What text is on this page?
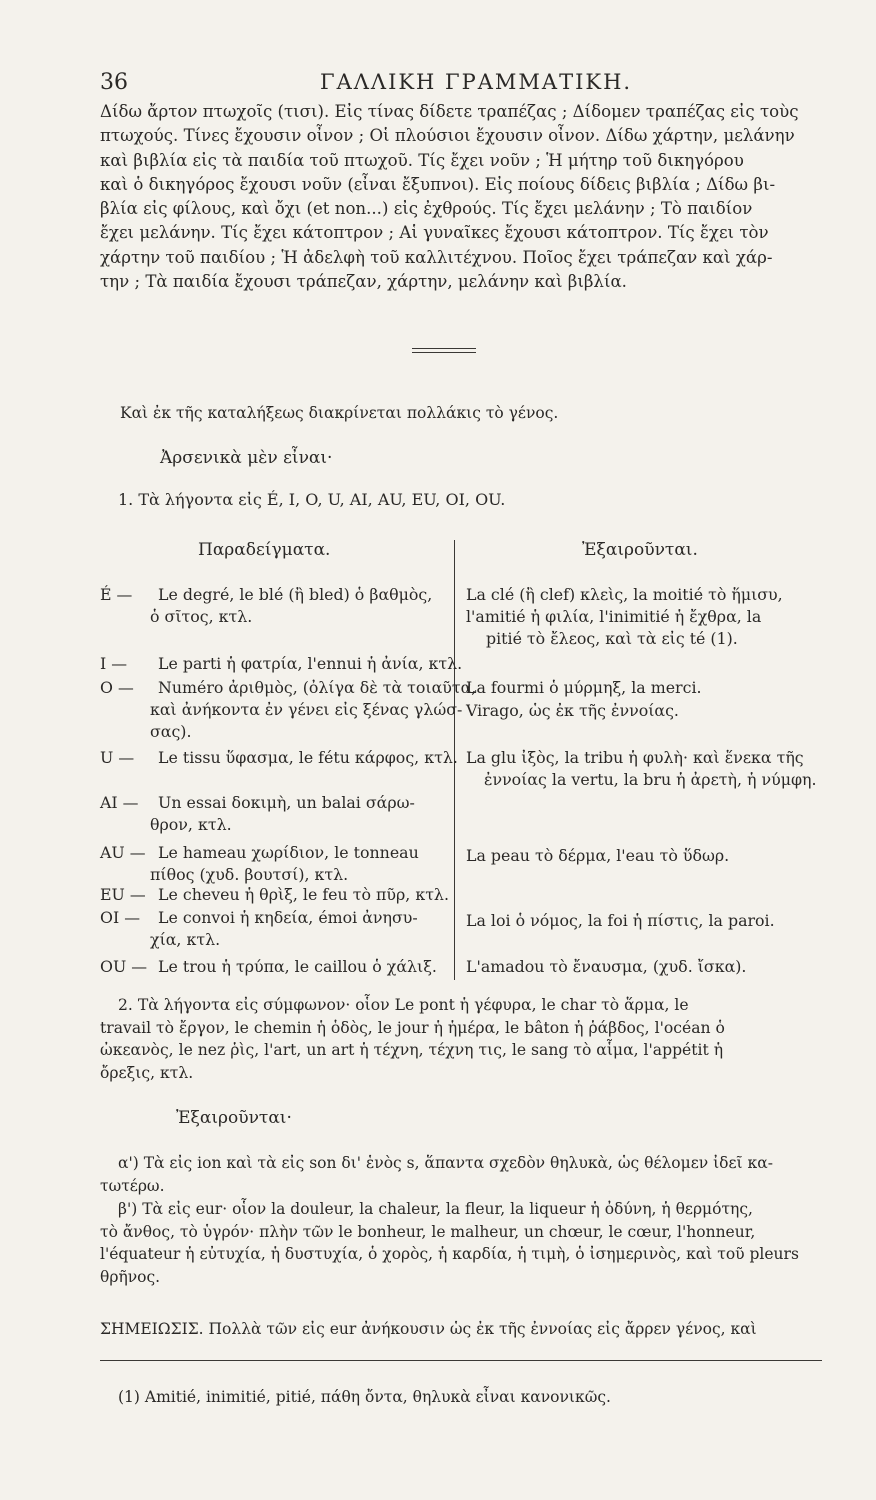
36	ΓΑΛΛΙΚΗ ΓΡΑΜΜΑΤΙΚΗ.
Δίδω ἄρτον πτωχοῖς (τισι). Εἰς τίνας δίδετε τραπέζας ; Δίδομεν τραπέζας εἰς τοὺς
πτωχούς. Τίνες ἔχουσιν οἶνον ; Οἱ πλούσιοι ἔχουσιν οἶνον. Δίδω χάρτην, μελάνην
καὶ βιβλία εἰς τὰ παιδία τοῦ πτωχοῦ. Τίς ἔχει νοῦν ; Ἡ μήτηρ τοῦ δικηγόρου
καὶ ὁ δικηγόρος ἔχουσι νοῦν (εἶναι ἔξυπνοι). Εἰς ποίους δίδεις βιβλία ; Δίδω βι-
βλία εἰς φίλους, καὶ ὄχι (et non...) εἰς ἐχθρούς. Τίς ἔχει μελάνην ; Τὸ παιδίον
ἔχει μελάνην. Τίς ἔχει κάτοπτρον ; Αἱ γυναῖκες ἔχουσι κάτοπτρον. Τίς ἔχει τὸν
χάρτην τοῦ παιδίου ; Ἡ ἀδελφὴ τοῦ καλλιτέχνου. Ποῖος ἔχει τράπεζαν καὶ χάρ-
την ; Τὰ παιδία ἔχουσι τράπεζαν, χάρτην, μελάνην καὶ βιβλία.
Καὶ ἐκ τῆς καταλήξεως διακρίνεται πολλάκις τὸ γένος.
Ἀρσενικὰ μὲν εἶναι·
1. Τὰ λήγοντα εἰς É, I, O, U, AI, AU, EU, OI, OU.
Παραδείγματα.	Ἐξαιροῦνται.
É — Le degré, le blé (ἢ bled) ὁ βαθμὸς,
ὁ σῖτος, κτλ.
I — Le parti ἡ φατρία, l'ennui ἡ ἀνία, κτλ.
O — Numéro ἀριθμὸς, (ὀλίγα δὲ τὰ τοιαῦτα,
καὶ ἀνήκοντα ἐν γένει εἰς ξένας γλώσ-
σας).
U — Le tissu ὕφασμα, le fétu κάρφος, κτλ.
AI — Un essai δοκιμὴ, un balai σάρω-
θρον, κτλ.
AU — Le hameau χωρίδιον, le tonneau
πίθος (χυδ. βουτσί), κτλ.
EU — Le cheveu ἡ θρὶξ, le feu τὸ πῦρ, κτλ.
OI — Le convoi ἡ κηδεία, émoi ἀνησυ-
χία, κτλ.
OU — Le trou ἡ τρύπα, le caillou ὁ χάλιξ.
La clé (ἢ clef) κλεὶς, la moitié τὸ ἥμισυ,
l'amitié ἡ φιλία, l'inimitié ἡ ἔχθρα, la
pitié τὸ ἔλεος, καὶ τὰ εἰς té (1).
La fourmi ὁ μύρμηξ, la merci.
Virago, ὡς ἐκ τῆς ἐννοίας.
La glu ἰξὸς, la tribu ἡ φυλὴ· καὶ ἕνεκα τῆς
ἐννοίας la vertu, la bru ἡ ἀρετὴ, ἡ νύμφη.
La peau τὸ δέρμα, l'eau τὸ ὕδωρ.
La loi ὁ νόμος, la foi ἡ πίστις, la paroi.
L'amadou τὸ ἔναυσμα, (χυδ. ἴσκα).
2. Τὰ λήγοντα εἰς σύμφωνον· οἷον Le pont ἡ γέφυρα, le char τὸ ἅρμα, le
travail τὸ ἔργον, le chemin ἡ ὁδὸς, le jour ἡ ἡμέρα, le bâton ἡ ῥάβδος, l'océan ὁ
ὠκεανὸς, le nez ῥὶς, l'art, un art ἡ τέχνη, τέχνη τις, le sang τὸ αἷμα, l'appétit ἡ
ὄρεξις, κτλ.
Ἐξαιροῦνται·
α') Τὰ εἰς ion καὶ τὰ εἰς son δι' ἑνὸς s, ἅπαντα σχεδὸν θηλυκὰ, ὡς θέλομεν ἰδεῖ κα-
τωτέρω.
β') Τὰ εἰς eur· οἷον la douleur, la chaleur, la fleur, la liqueur ἡ ὀδύνη, ἡ θερμότης,
τὸ ἄνθος, τὸ ὑγρόν· πλὴν τῶν le bonheur, le malheur, un chœur, le cœur, l'honneur,
l'équateur ἡ εὐτυχία, ἡ δυστυχία, ὁ χορὸς, ἡ καρδία, ἡ τιμὴ, ὁ ἰσημερινὸς, καὶ τοῦ pleurs
θρῆνος.
ΣΗΜΕΙΩΣΙΣ. Πολλὰ τῶν εἰς eur ἀνήκουσιν ὡς ἐκ τῆς ἐννοίας εἰς ἄρρεν γένος, καὶ
(1) Amitié, inimitié, pitié, πάθη ὄντα, θηλυκὰ εἶναι κανονικῶς.
